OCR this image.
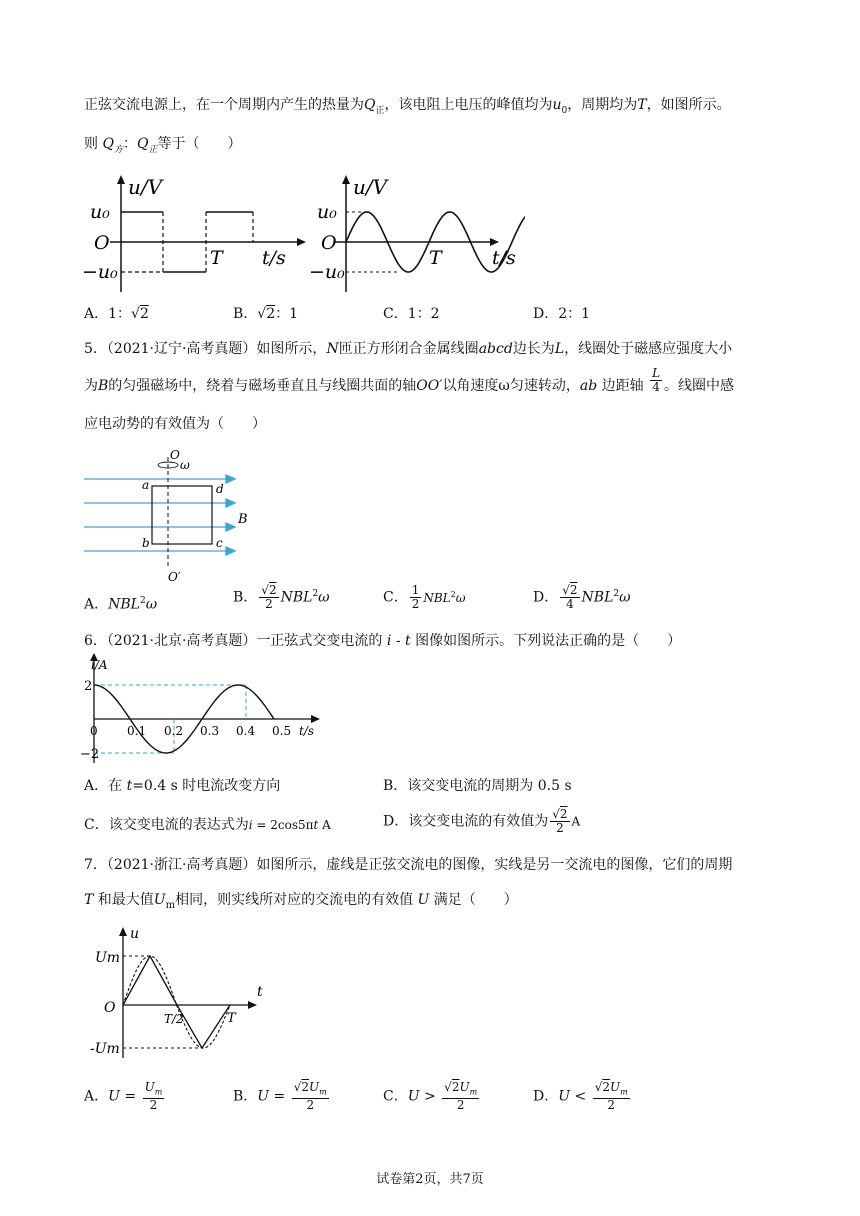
正弦交流电源上，在一个周期内产生的热量为$Q_正$，该电阻上电压的峰值均为$u_0$，周期均为T，如图所示。
则 $Q_方$：$Q_正$等于（　　）
u/V
u₀
O
−u₀
T t/s
u/V
u₀
O
−u₀
T	t/s
A．1：√2	B．√2：1	C．1：2	D．2：1
5．（2021·辽宁·高考真题）如图所示，N匝正方形闭合金属线圈abcd边长为L，线圈处于磁感应强度大小
为B的匀强磁场中，绕着与磁场垂直且与线圈共面的轴OO′以角速度ω匀速转动，ab 边距轴 $\frac{L}{4}$ 。线圈中感
应电动势的有效值为（　　）
O
ω
a	d
B
b	c
O′
A．NBL$^2$ω	B． $\frac{√2}{2} NBL^2\omega$	C． $\frac{1}{2} NBL^2\omega$	D． $\frac{√2}{4} NBL^2\omega$
6．（2021·北京·高考真题）一正弦式交变电流的 i - t 图像如图所示。下列说法正确的是（　　）
i/A
2
−2
0 0.1 0.2 0.3 0.4 0.5 t/s
A．在 t=0.4 s 时电流改变方向	B．该交变电流的周期为 0.5 s
C．该交变电流的表达式为i = 2cos5πt A	D．该交变电流的有效值为 $\frac{√2}{2}$ A
7．（2021·浙江·高考真题）如图所示，虚线是正弦交流电的图像，实线是另一交流电的图像，它们的周期
T 和最大值$U_m$相同，则实线所对应的交流电的有效值 U 满足（　　）
u
Um
O
-Um
T/2	T
t
A．$U = \frac{U_m}{2}$	B．$U = \frac{√2U_m}{2}$	C．$U > \frac{√2U_m}{2}$	D．$U < \frac{√2U_m}{2}$
试卷第2页，共7页
